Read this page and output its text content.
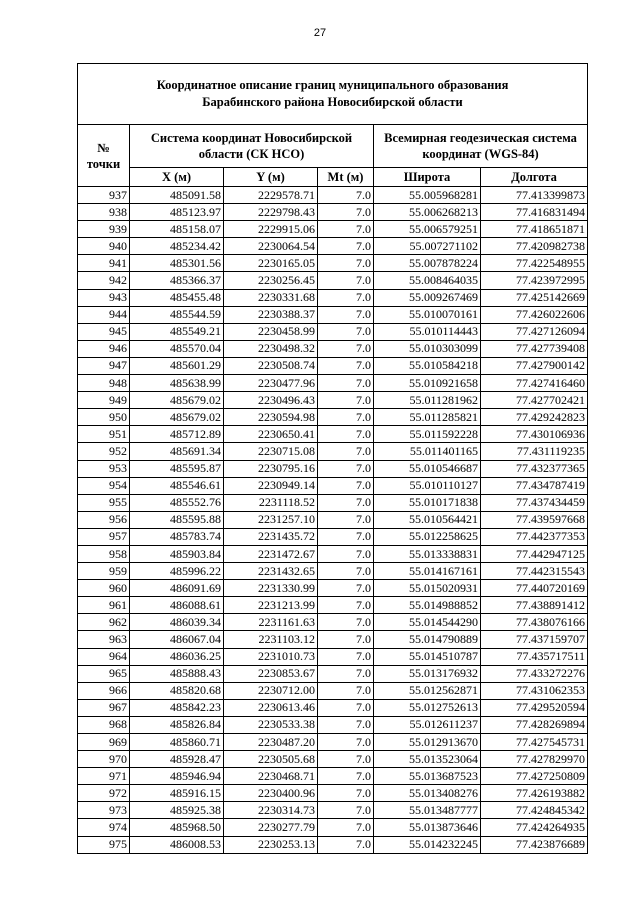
27
Координатное описание границ муниципального образования
Барабинского района Новосибирской области					

№ точки	Система координат Новосибирской области (СК НСО)			Всемирная геодезическая система координат (WGS-84)	
	X (м)	Y (м)	Mt (м)	Широта	Долгота
937	485091.58	2229578.71	7.0	55.005968281	77.413399873
938	485123.97	2229798.43	7.0	55.006268213	77.416831494
939	485158.07	2229915.06	7.0	55.006579251	77.418651871
940	485234.42	2230064.54	7.0	55.007271102	77.420982738
941	485301.56	2230165.05	7.0	55.007878224	77.422548955
942	485366.37	2230256.45	7.0	55.008464035	77.423972995
943	485455.48	2230331.68	7.0	55.009267469	77.425142669
944	485544.59	2230388.37	7.0	55.010070161	77.426022606
945	485549.21	2230458.99	7.0	55.010114443	77.427126094
946	485570.04	2230498.32	7.0	55.010303099	77.427739408
947	485601.29	2230508.74	7.0	55.010584218	77.427900142
948	485638.99	2230477.96	7.0	55.010921658	77.427416460
949	485679.02	2230496.43	7.0	55.011281962	77.427702421
950	485679.02	2230594.98	7.0	55.011285821	77.429242823
951	485712.89	2230650.41	7.0	55.011592228	77.430106936
952	485691.34	2230715.08	7.0	55.011401165	77.431119235
953	485595.87	2230795.16	7.0	55.010546687	77.432377365
954	485546.61	2230949.14	7.0	55.010110127	77.434787419
955	485552.76	2231118.52	7.0	55.010171838	77.437434459
956	485595.88	2231257.10	7.0	55.010564421	77.439597668
957	485783.74	2231435.72	7.0	55.012258625	77.442377353
958	485903.84	2231472.67	7.0	55.013338831	77.442947125
959	485996.22	2231432.65	7.0	55.014167161	77.442315543
960	486091.69	2231330.99	7.0	55.015020931	77.440720169
961	486088.61	2231213.99	7.0	55.014988852	77.438891412
962	486039.34	2231161.63	7.0	55.014544290	77.438076166
963	486067.04	2231103.12	7.0	55.014790889	77.437159707
964	486036.25	2231010.73	7.0	55.014510787	77.435717511
965	485888.43	2230853.67	7.0	55.013176932	77.433272276
966	485820.68	2230712.00	7.0	55.012562871	77.431062353
967	485842.23	2230613.46	7.0	55.012752613	77.429520594
968	485826.84	2230533.38	7.0	55.012611237	77.428269894
969	485860.71	2230487.20	7.0	55.012913670	77.427545731
970	485928.47	2230505.68	7.0	55.013523064	77.427829970
971	485946.94	2230468.71	7.0	55.013687523	77.427250809
972	485916.15	2230400.96	7.0	55.013408276	77.426193882
973	485925.38	2230314.73	7.0	55.013487777	77.424845342
974	485968.50	2230277.79	7.0	55.013873646	77.424264935
975	486008.53	2230253.13	7.0	55.014232245	77.423876689
